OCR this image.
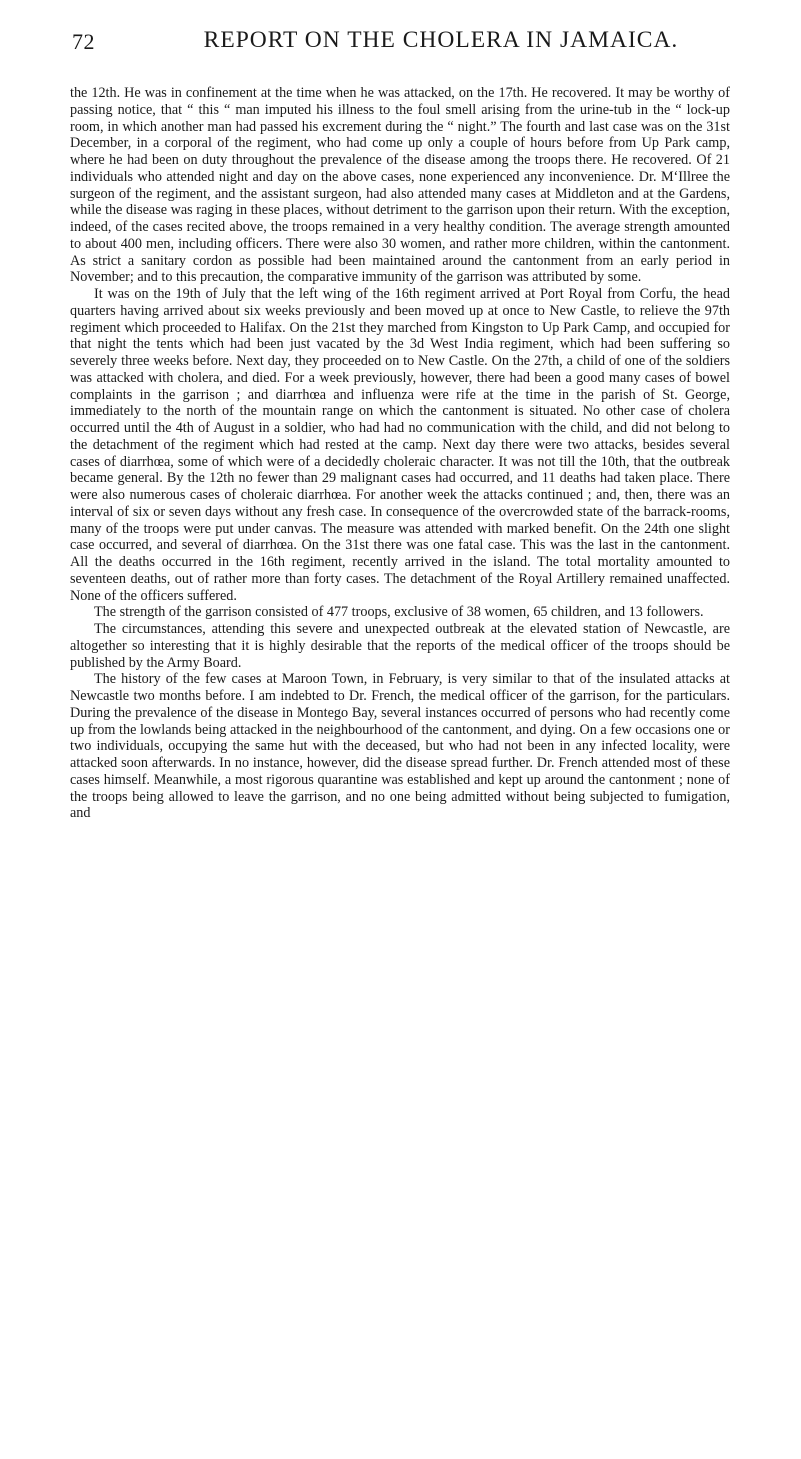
72	REPORT ON THE CHOLERA IN JAMAICA.

the 12th. He was in confinement at the time when he was attacked, on the 17th. He recovered. It may be worthy of passing notice, that “ this “ man imputed his illness to the foul smell arising from the urine-tub in the “ lock-up room, in which another man had passed his excrement during the “ night.” The fourth and last case was on the 31st December, in a corporal of the regiment, who had come up only a couple of hours before from Up Park camp, where he had been on duty throughout the prevalence of the disease among the troops there. He recovered. Of 21 individuals who attended night and day on the above cases, none experienced any inconvenience. Dr. M‘Illree the surgeon of the regiment, and the assistant surgeon, had also attended many cases at Middleton and at the Gardens, while the disease was raging in these places, without detriment to the garrison upon their return. With the exception, indeed, of the cases recited above, the troops remained in a very healthy condition. The average strength amounted to about 400 men, including officers. There were also 30 women, and rather more children, within the cantonment. As strict a sanitary cordon as possible had been maintained around the cantonment from an early period in November; and to this precaution, the comparative immunity of the garrison was attributed by some.

It was on the 19th of July that the left wing of the 16th regiment arrived at Port Royal from Corfu, the head quarters having arrived about six weeks previously and been moved up at once to New Castle, to relieve the 97th regiment which proceeded to Halifax. On the 21st they marched from Kingston to Up Park Camp, and occupied for that night the tents which had been just vacated by the 3d West India regiment, which had been suffering so severely three weeks before. Next day, they proceeded on to New Castle. On the 27th, a child of one of the soldiers was attacked with cholera, and died. For a week previously, however, there had been a good many cases of bowel complaints in the garrison ; and diarrhœa and influenza were rife at the time in the parish of St. George, immediately to the north of the mountain range on which the cantonment is situated. No other case of cholera occurred until the 4th of August in a soldier, who had had no communication with the child, and did not belong to the detachment of the regiment which had rested at the camp. Next day there were two attacks, besides several cases of diarrhœa, some of which were of a decidedly choleraic character. It was not till the 10th, that the outbreak became general. By the 12th no fewer than 29 malignant cases had occurred, and 11 deaths had taken place. There were also numerous cases of choleraic diarrhœa. For another week the attacks continued ; and, then, there was an interval of six or seven days without any fresh case. In consequence of the overcrowded state of the barrack-rooms, many of the troops were put under canvas. The measure was attended with marked benefit. On the 24th one slight case occurred, and several of diarrhœa. On the 31st there was one fatal case. This was the last in the cantonment. All the deaths occurred in the 16th regiment, recently arrived in the island. The total mortality amounted to seventeen deaths, out of rather more than forty cases. The detachment of the Royal Artillery remained unaffected. None of the officers suffered.

The strength of the garrison consisted of 477 troops, exclusive of 38 women, 65 children, and 13 followers.

The circumstances, attending this severe and unexpected outbreak at the elevated station of Newcastle, are altogether so interesting that it is highly desirable that the reports of the medical officer of the troops should be published by the Army Board.

The history of the few cases at Maroon Town, in February, is very similar to that of the insulated attacks at Newcastle two months before. I am indebted to Dr. French, the medical officer of the garrison, for the particulars. During the prevalence of the disease in Montego Bay, several instances occurred of persons who had recently come up from the lowlands being attacked in the neighbourhood of the cantonment, and dying. On a few occasions one or two individuals, occupying the same hut with the deceased, but who had not been in any infected locality, were attacked soon afterwards. In no instance, however, did the disease spread further. Dr. French attended most of these cases himself. Meanwhile, a most rigorous quarantine was established and kept up around the cantonment ; none of the troops being allowed to leave the garrison, and no one being admitted without being subjected to fumigation, and
